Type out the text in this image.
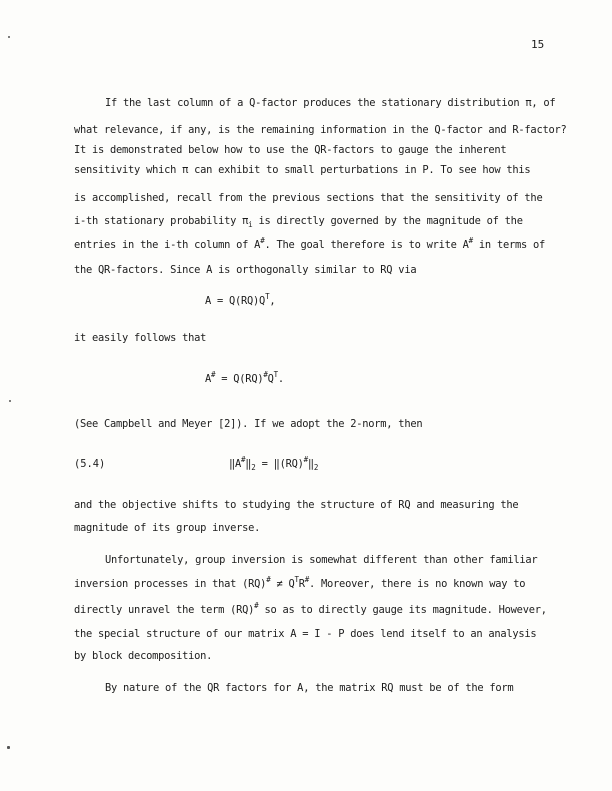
15
If the last column of a Q-factor produces the stationary distribution π, of
what relevance, if any, is the remaining information in the Q-factor and R-factor?
It is demonstrated below how to use the QR-factors to gauge the inherent
sensitivity which π can exhibit to small perturbations in P. To see how this
is accomplished, recall from the previous sections that the sensitivity of the
i-th stationary probability $\pi_i$ is directly governed by the magnitude of the
entries in the i-th column of A#. The goal therefore is to write A# in terms of
the QR-factors. Since A is orthogonally similar to RQ via
$A = Q(RQ)Q^T$,
it easily follows that
$A^{\#} = Q(RQ)^{\#}Q^T$.
(See Campbell and Meyer [2]). If we adopt the 2-norm, then
(5.4)	$‖A^{\#}‖_2$ = $‖(RQ)^{\#}‖_2$
and the objective shifts to studying the structure of RQ and measuring the
magnitude of its group inverse.
Unfortunately, group inversion is somewhat different than other familiar
inversion processes in that $(RQ)^{\#} \ne Q^TR^{\#}$. Moreover, there is no known way to
directly unravel the term (RQ)# so as to directly gauge its magnitude. However,
the special structure of our matrix A = I - P does lend itself to an analysis
by block decomposition.
By nature of the QR factors for A, the matrix RQ must be of the form
